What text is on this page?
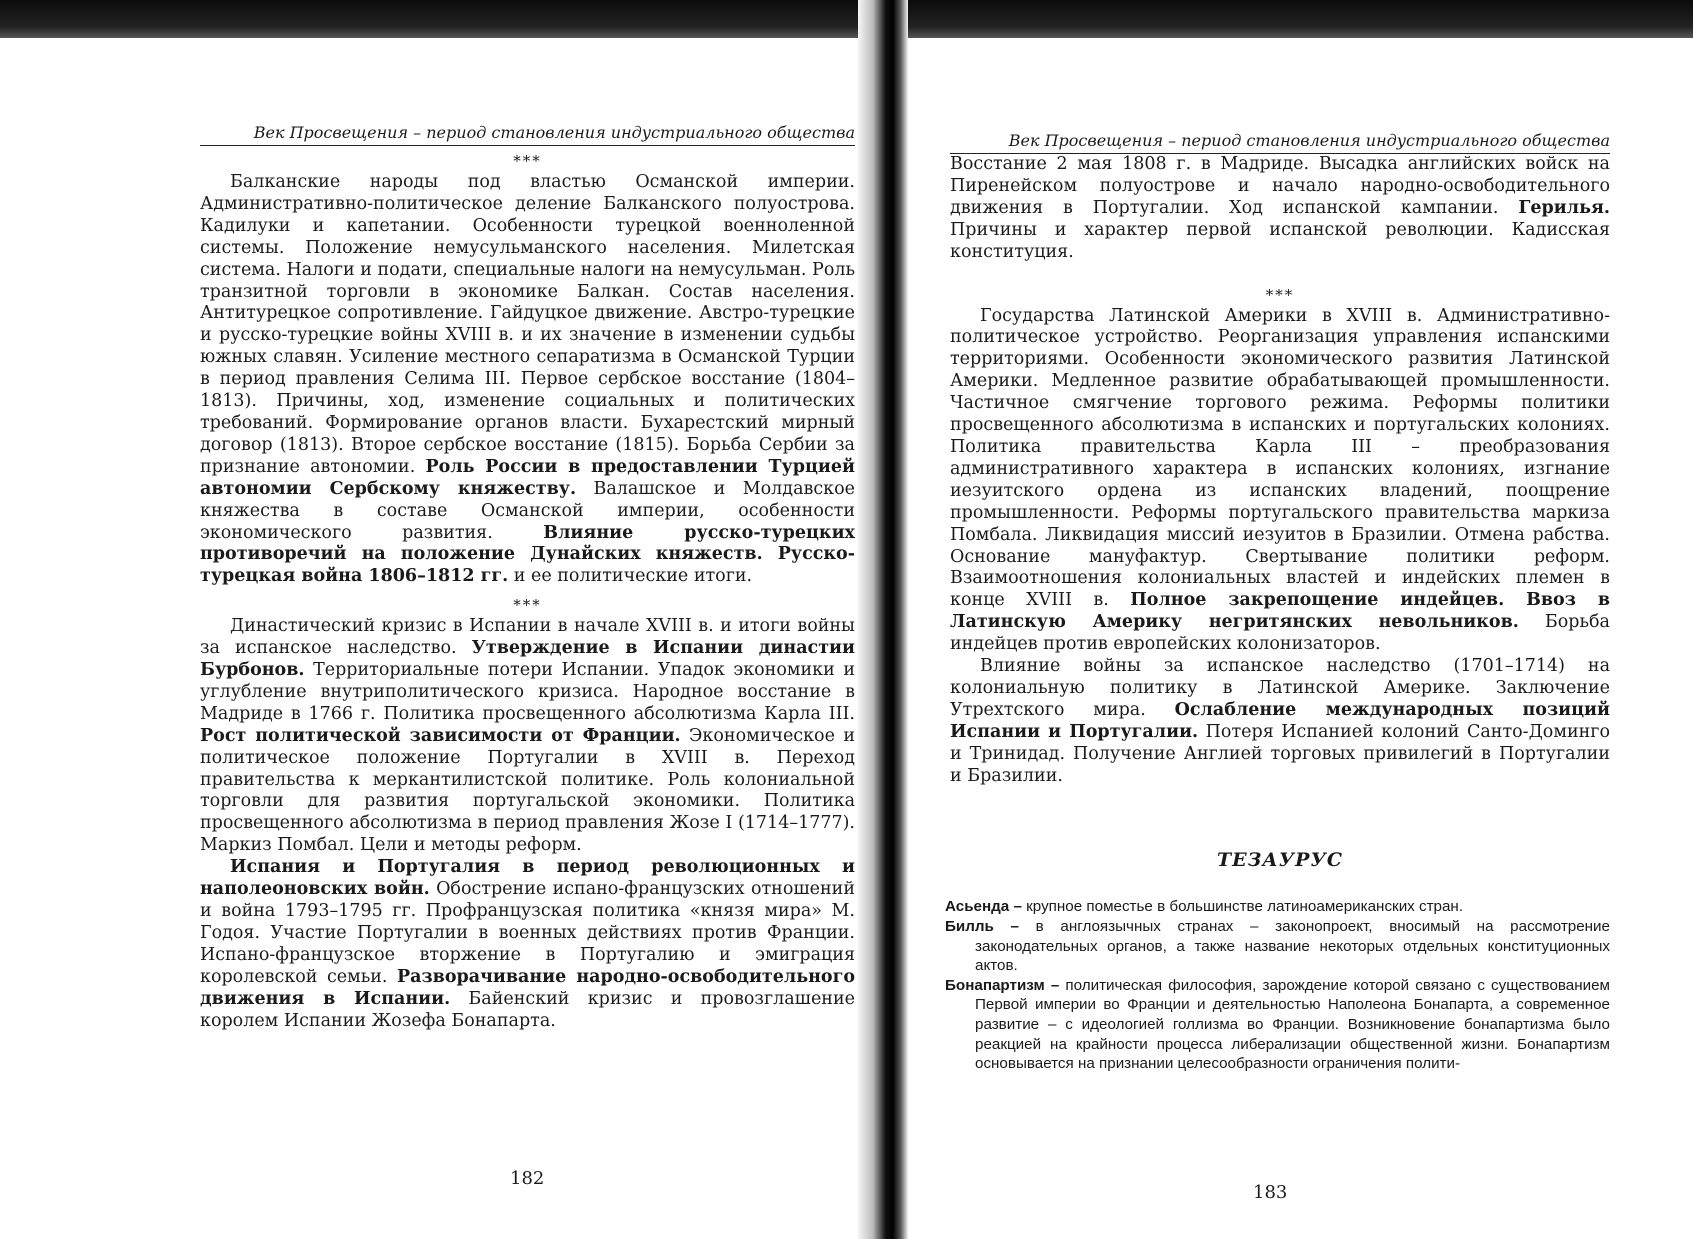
Век Просвещения – период становления индустриального общества
***

Балканские народы под властью Османской империи. Административно-политическое деление Балканского полуострова. Кадилуки и капетании. Особенности турецкой военноленной системы. Положение немусульманского населения. Милетская система. Налоги и подати, специальные налоги на немусульман. Роль транзитной торговли в экономике Балкан. Состав населения. Антитурецкое сопротивление. Гайдуцкое движение. Австро-турецкие и русско-турецкие войны XVIII в. и их значение в изменении судьбы южных славян. Усиление местного сепаратизма в Османской Турции в период правления Селима III. Первое сербское восстание (1804–1813). Причины, ход, изменение социальных и политических требований. Формирование органов власти. Бухарестский мирный договор (1813). Второе сербское восстание (1815). Борьба Сербии за признание автономии. Роль России в предоставлении Турцией автономии Сербскому княжеству. Валашское и Молдавское княжества в составе Османской империи, особенности экономического развития. Влияние русско-турецких противоречий на положение Дунайских княжеств. Русско-турецкая война 1806–1812 гг. и ее политические итоги.

***

Династический кризис в Испании в начале XVIII в. и итоги войны за испанское наследство. Утверждение в Испании династии Бурбонов. Территориальные потери Испании. Упадок экономики и углубление внутриполитического кризиса. Народное восстание в Мадриде в 1766 г. Политика просвещенного абсолютизма Карла III. Рост политической зависимости от Франции. Экономическое и политическое положение Португалии в XVIII в. Переход правительства к меркантилистской политике. Роль колониальной торговли для развития португальской экономики. Политика просвещенного абсолютизма в период правления Жозе I (1714–1777). Маркиз Помбал. Цели и методы реформ.

Испания и Португалия в период революционных и наполеоновских войн. Обострение испано-французских отношений и война 1793–1795 гг. Профранцузская политика «князя мира» М. Годоя. Участие Португалии в военных действиях против Франции. Испано-французское вторжение в Португалию и эмиграция королевской семьи. Разворачивание народно-освободительного движения в Испании. Байенский кризис и провозглашение королем Испании Жозефа Бонапарта.

182
Век Просвещения – период становления индустриального общества

Восстание 2 мая 1808 г. в Мадриде. Высадка английских войск на Пиренейском полуострове и начало народно-освободительного движения в Португалии. Ход испанской кампании. Герилья. Причины и характер первой испанской революции. Кадисская конституция.

***

Государства Латинской Америки в XVIII в. Административно-политическое устройство. Реорганизация управления испанскими территориями. Особенности экономического развития Латинской Америки. Медленное развитие обрабатывающей промышленности. Частичное смягчение торгового режима. Реформы политики просвещенного абсолютизма в испанских и португальских колониях. Политика правительства Карла III – преобразования административного характера в испанских колониях, изгнание иезуитского ордена из испанских владений, поощрение промышленности. Реформы португальского правительства маркиза Помбала. Ликвидация миссий иезуитов в Бразилии. Отмена рабства. Основание мануфактур. Свертывание политики реформ. Взаимоотношения колониальных властей и индейских племен в конце XVIII в. Полное закрепощение индейцев. Ввоз в Латинскую Америку негритянских невольников. Борьба индейцев против европейских колонизаторов.

Влияние войны за испанское наследство (1701–1714) на колониальную политику в Латинской Америке. Заключение Утрехтского мира. Ослабление международных позиций Испании и Португалии. Потеря Испанией колоний Санто-Доминго и Тринидад. Получение Англией торговых привилегий в Португалии и Бразилии.

ТЕЗАУРУС

Асьенда – крупное поместье в большинстве латиноамериканских стран.

Билль – в англоязычных странах – законопроект, вносимый на рассмотрение законодательных органов, а также название некоторых отдельных конституционных актов.

Бонапартизм – политическая философия, зарождение которой связано с существованием Первой империи во Франции и деятельностью Наполеона Бонапарта, а современное развитие – с идеологией голлизма во Франции. Возникновение бонапартизма было реакцией на крайности процесса либерализации общественной жизни. Бонапартизм основывается на признании целесообразности ограничения полити-

183
